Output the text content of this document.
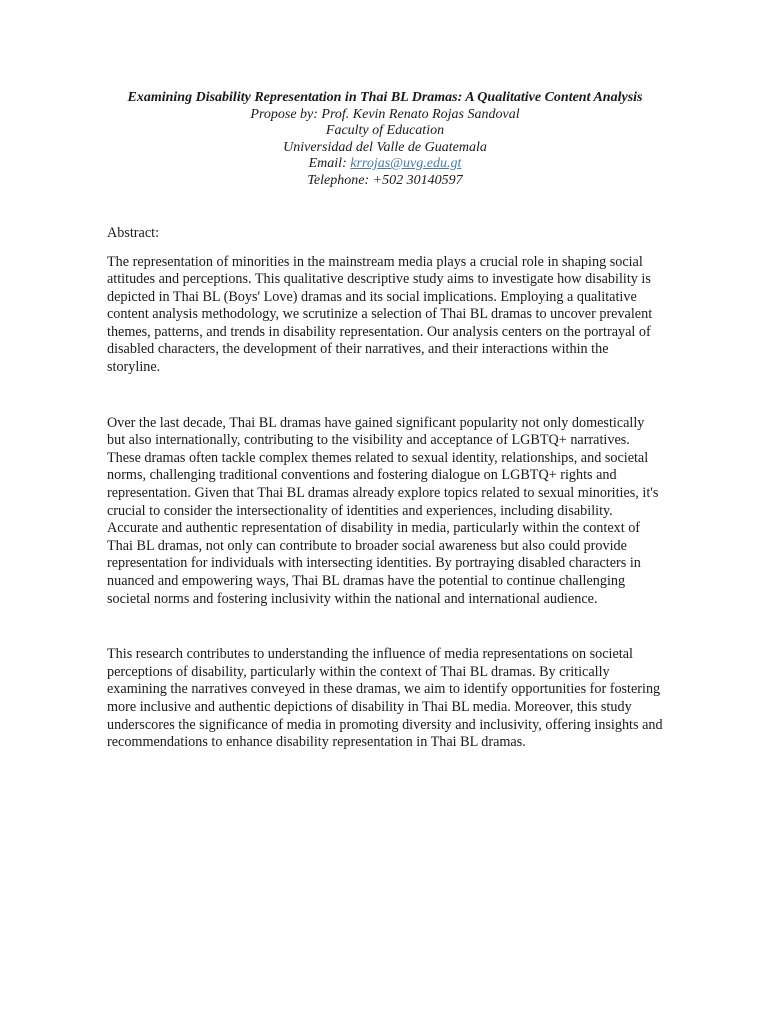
Examining Disability Representation in Thai BL Dramas: A Qualitative Content Analysis
Propose by: Prof. Kevin Renato Rojas Sandoval
Faculty of Education
Universidad del Valle de Guatemala
Email: krrojas@uvg.edu.gt
Telephone: +502 30140597
Abstract:

The representation of minorities in the mainstream media plays a crucial role in shaping social attitudes and perceptions. This qualitative descriptive study aims to investigate how disability is depicted in Thai BL (Boys' Love) dramas and its social implications. Employing a qualitative content analysis methodology, we scrutinize a selection of Thai BL dramas to uncover prevalent themes, patterns, and trends in disability representation. Our analysis centers on the portrayal of disabled characters, the development of their narratives, and their interactions within the storyline.

Over the last decade, Thai BL dramas have gained significant popularity not only domestically but also internationally, contributing to the visibility and acceptance of LGBTQ+ narratives. These dramas often tackle complex themes related to sexual identity, relationships, and societal norms, challenging traditional conventions and fostering dialogue on LGBTQ+ rights and representation. Given that Thai BL dramas already explore topics related to sexual minorities, it's crucial to consider the intersectionality of identities and experiences, including disability. Accurate and authentic representation of disability in media, particularly within the context of Thai BL dramas, not only can contribute to broader social awareness but also could provide representation for individuals with intersecting identities. By portraying disabled characters in nuanced and empowering ways, Thai BL dramas have the potential to continue challenging societal norms and fostering inclusivity within the national and international audience.

This research contributes to understanding the influence of media representations on societal perceptions of disability, particularly within the context of Thai BL dramas. By critically examining the narratives conveyed in these dramas, we aim to identify opportunities for fostering more inclusive and authentic depictions of disability in Thai BL media. Moreover, this study underscores the significance of media in promoting diversity and inclusivity, offering insights and recommendations to enhance disability representation in Thai BL dramas.
